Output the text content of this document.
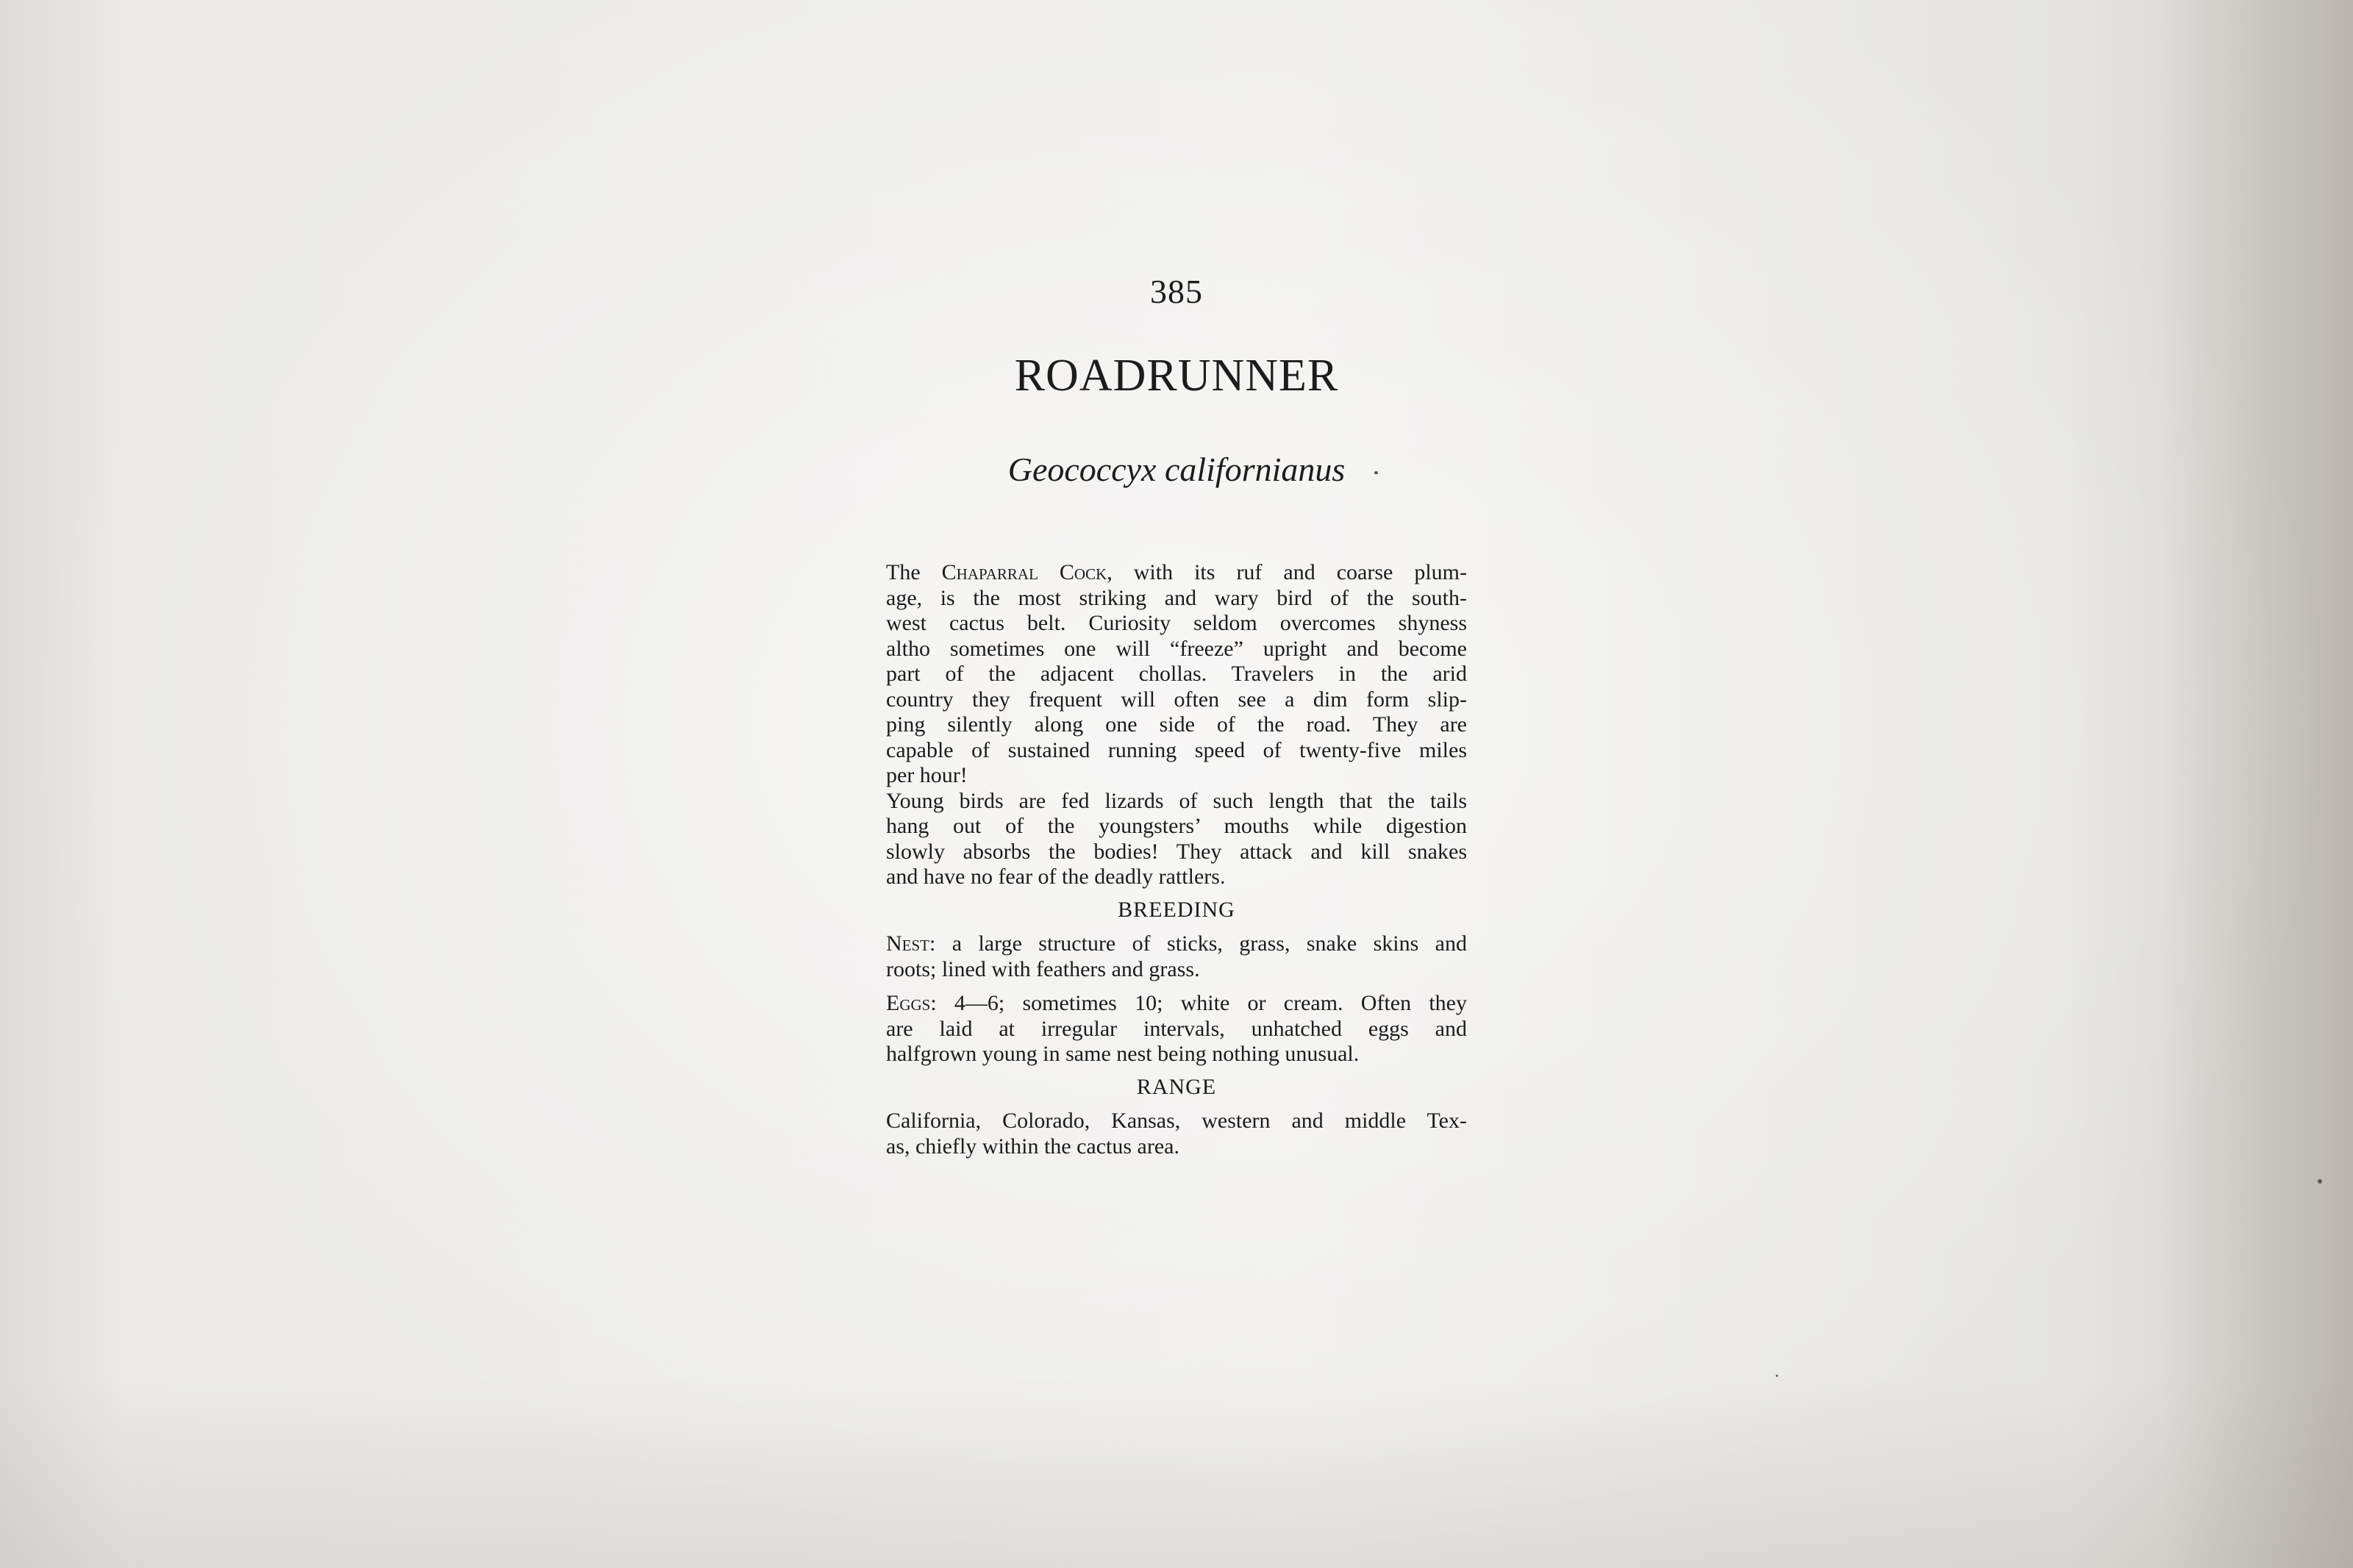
385
ROADRUNNER
Geococcyx californianus
The Chaparral Cock, with its ruf and coarse plum-
age, is the most striking and wary bird of the south-
west cactus belt. Curiosity seldom overcomes shyness
altho sometimes one will “freeze” upright and become
part of the adjacent chollas. Travelers in the arid
country they frequent will often see a dim form slip-
ping silently along one side of the road. They are
capable of sustained running speed of twenty-five miles
per hour!
Young birds are fed lizards of such length that the tails
hang out of the youngsters’ mouths while digestion
slowly absorbs the bodies! They attack and kill snakes
and have no fear of the deadly rattlers.
BREEDING
Nest: a large structure of sticks, grass, snake skins and
roots; lined with feathers and grass.
Eggs: 4—6; sometimes 10; white or cream. Often they
are laid at irregular intervals, unhatched eggs and
halfgrown young in same nest being nothing unusual.
RANGE
California, Colorado, Kansas, western and middle Tex-
as, chiefly within the cactus area.
